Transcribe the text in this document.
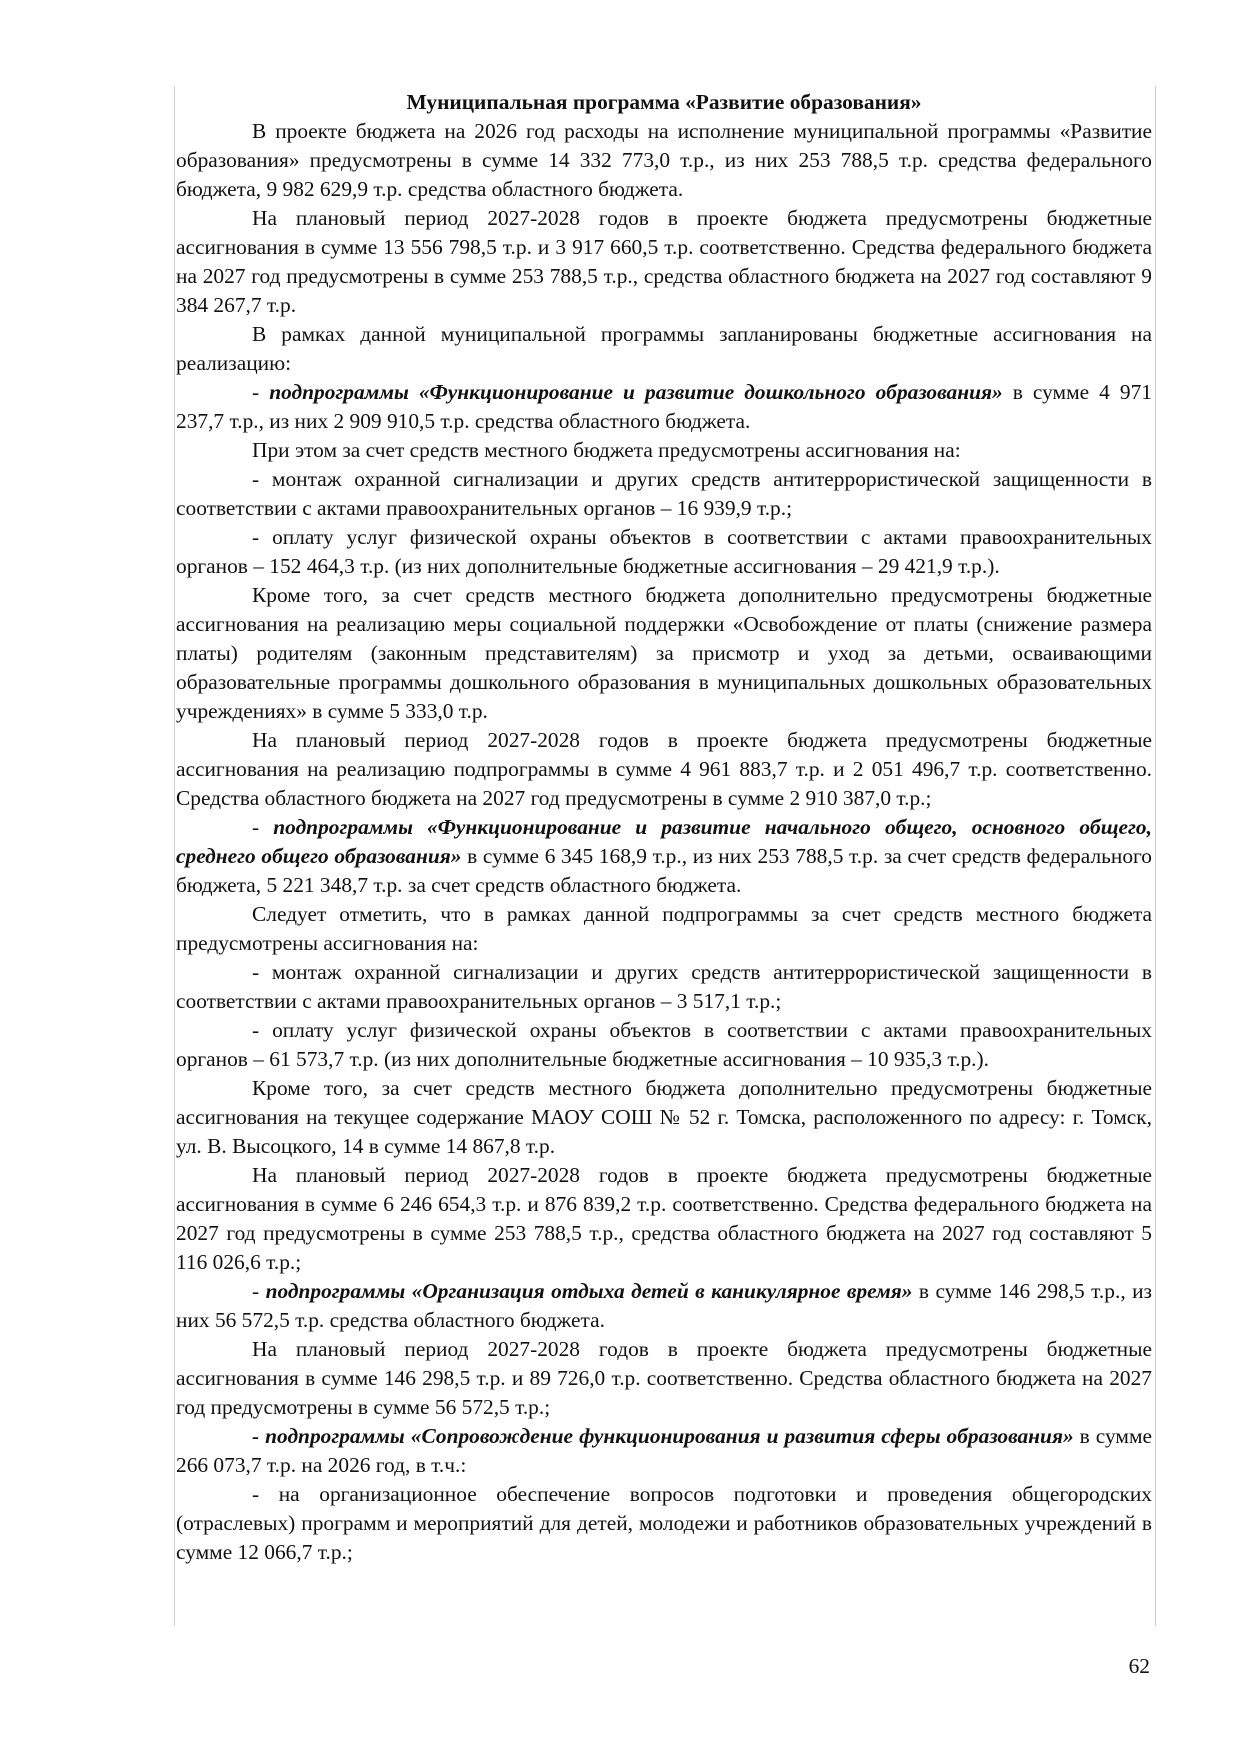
Муниципальная программа «Развитие образования»

В проекте бюджета на 2026 год расходы на исполнение муниципальной программы «Развитие образования» предусмотрены в сумме 14 332 773,0 т.р., из них 253 788,5 т.р. средства федерального бюджета, 9 982 629,9 т.р. средства областного бюджета.

На плановый период 2027-2028 годов в проекте бюджета предусмотрены бюджетные ассигнования в сумме 13 556 798,5 т.р. и 3 917 660,5 т.р. соответственно. Средства федерального бюджета на 2027 год предусмотрены в сумме 253 788,5 т.р., средства областного бюджета на 2027 год составляют 9 384 267,7 т.р.

В рамках данной муниципальной программы запланированы бюджетные ассигнования на реализацию:

- подпрограммы «Функционирование и развитие дошкольного образования» в сумме 4 971 237,7 т.р., из них 2 909 910,5 т.р. средства областного бюджета.

При этом за счет средств местного бюджета предусмотрены ассигнования на:

- монтаж охранной сигнализации и других средств антитеррористической защищенности в соответствии с актами правоохранительных органов – 16 939,9 т.р.;

- оплату услуг физической охраны объектов в соответствии с актами правоохранительных органов – 152 464,3 т.р. (из них дополнительные бюджетные ассигнования – 29 421,9 т.р.).

Кроме того, за счет средств местного бюджета дополнительно предусмотрены бюджетные ассигнования на реализацию меры социальной поддержки «Освобождение от платы (снижение размера платы) родителям (законным представителям) за присмотр и уход за детьми, осваивающими образовательные программы дошкольного образования в муниципальных дошкольных образовательных учреждениях» в сумме 5 333,0 т.р.

На плановый период 2027-2028 годов в проекте бюджета предусмотрены бюджетные ассигнования на реализацию подпрограммы в сумме 4 961 883,7 т.р. и 2 051 496,7 т.р. соответственно. Средства областного бюджета на 2027 год предусмотрены в сумме 2 910 387,0 т.р.;

- подпрограммы «Функционирование и развитие начального общего, основного общего, среднего общего образования» в сумме 6 345 168,9 т.р., из них 253 788,5 т.р. за счет средств федерального бюджета, 5 221 348,7 т.р. за счет средств областного бюджета.

Следует отметить, что в рамках данной подпрограммы за счет средств местного бюджета предусмотрены ассигнования на:

- монтаж охранной сигнализации и других средств антитеррористической защищенности в соответствии с актами правоохранительных органов – 3 517,1 т.р.;

- оплату услуг физической охраны объектов в соответствии с актами правоохранительных органов – 61 573,7 т.р. (из них дополнительные бюджетные ассигнования – 10 935,3 т.р.).

Кроме того, за счет средств местного бюджета дополнительно предусмотрены бюджетные ассигнования на текущее содержание МАОУ СОШ № 52 г. Томска, расположенного по адресу: г. Томск, ул. В. Высоцкого, 14 в сумме 14 867,8 т.р.

На плановый период 2027-2028 годов в проекте бюджета предусмотрены бюджетные ассигнования в сумме 6 246 654,3 т.р. и 876 839,2 т.р. соответственно. Средства федерального бюджета на 2027 год предусмотрены в сумме 253 788,5 т.р., средства областного бюджета на 2027 год составляют 5 116 026,6 т.р.;

- подпрограммы «Организация отдыха детей в каникулярное время» в сумме 146 298,5 т.р., из них 56 572,5 т.р. средства областного бюджета.

На плановый период 2027-2028 годов в проекте бюджета предусмотрены бюджетные ассигнования в сумме 146 298,5 т.р. и 89 726,0 т.р. соответственно. Средства областного бюджета на 2027 год предусмотрены в сумме 56 572,5 т.р.;

- подпрограммы «Сопровождение функционирования и развития сферы образования» в сумме 266 073,7 т.р. на 2026 год, в т.ч.:

- на организационное обеспечение вопросов подготовки и проведения общегородских (отраслевых) программ и мероприятий для детей, молодежи и работников образовательных учреждений в сумме 12 066,7 т.р.;

62
